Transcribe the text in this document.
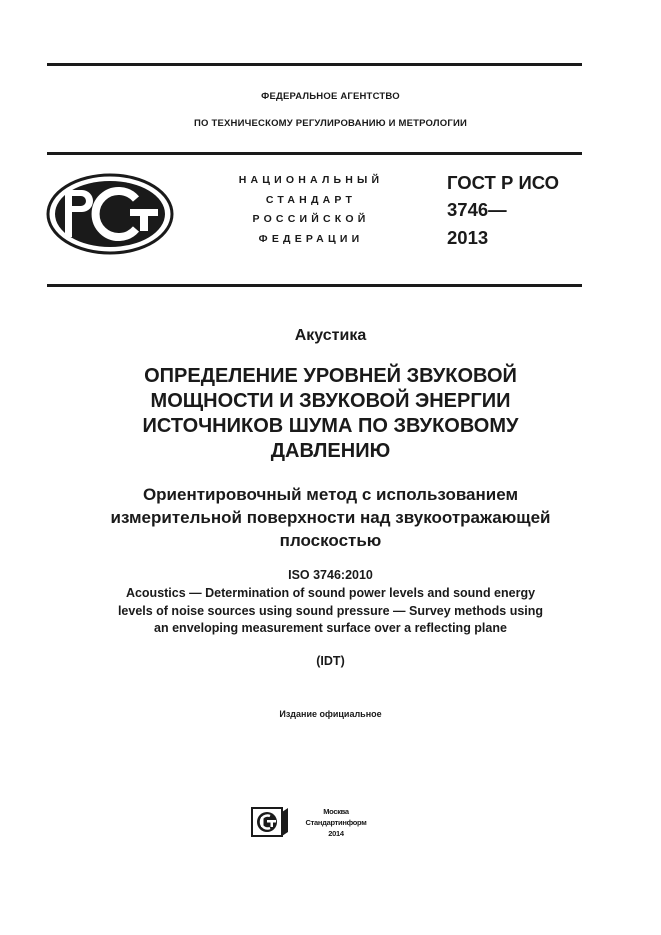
ФЕДЕРАЛЬНОЕ АГЕНТСТВО
ПО ТЕХНИЧЕСКОМУ РЕГУЛИРОВАНИЮ И МЕТРОЛОГИИ
НАЦИОНАЛЬНЫЙ
СТАНДАРТ
РОССИЙСКОЙ
ФЕДЕРАЦИИ
ГОСТ Р ИСО
3746—
2013
Акустика
ОПРЕДЕЛЕНИЕ УРОВНЕЙ ЗВУКОВОЙ
МОЩНОСТИ И ЗВУКОВОЙ ЭНЕРГИИ
ИСТОЧНИКОВ ШУМА ПО ЗВУКОВОМУ
ДАВЛЕНИЮ
Ориентировочный метод с использованием
измерительной поверхности над звукоотражающей
плоскостью
ISO 3746:2010
Acoustics — Determination of sound power levels and sound energy
levels of noise sources using sound pressure — Survey methods using
an enveloping measurement surface over a reflecting plane
(IDT)
Издание официальное
Москва
Стандартинформ
2014
